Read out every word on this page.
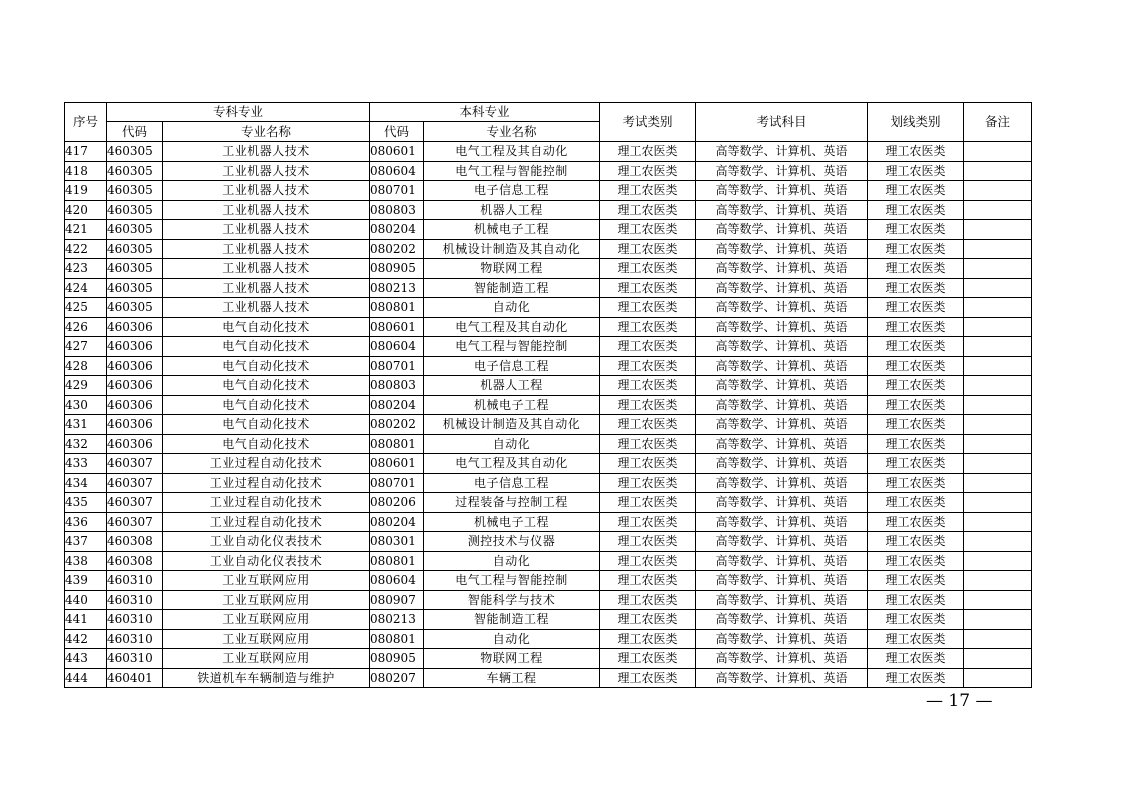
序号	专科专业		本科专业		考试类别	考试科目	划线类别	备注
	代码	专业名称	代码	专业名称				
417	460305	工业机器人技术	080601	电气工程及其自动化	理工农医类	高等数学、计算机、英语	理工农医类	
418	460305	工业机器人技术	080604	电气工程与智能控制	理工农医类	高等数学、计算机、英语	理工农医类	
419	460305	工业机器人技术	080701	电子信息工程	理工农医类	高等数学、计算机、英语	理工农医类	
420	460305	工业机器人技术	080803	机器人工程	理工农医类	高等数学、计算机、英语	理工农医类	
421	460305	工业机器人技术	080204	机械电子工程	理工农医类	高等数学、计算机、英语	理工农医类	
422	460305	工业机器人技术	080202	机械设计制造及其自动化	理工农医类	高等数学、计算机、英语	理工农医类	
423	460305	工业机器人技术	080905	物联网工程	理工农医类	高等数学、计算机、英语	理工农医类	
424	460305	工业机器人技术	080213	智能制造工程	理工农医类	高等数学、计算机、英语	理工农医类	
425	460305	工业机器人技术	080801	自动化	理工农医类	高等数学、计算机、英语	理工农医类	
426	460306	电气自动化技术	080601	电气工程及其自动化	理工农医类	高等数学、计算机、英语	理工农医类	
427	460306	电气自动化技术	080604	电气工程与智能控制	理工农医类	高等数学、计算机、英语	理工农医类	
428	460306	电气自动化技术	080701	电子信息工程	理工农医类	高等数学、计算机、英语	理工农医类	
429	460306	电气自动化技术	080803	机器人工程	理工农医类	高等数学、计算机、英语	理工农医类	
430	460306	电气自动化技术	080204	机械电子工程	理工农医类	高等数学、计算机、英语	理工农医类	
431	460306	电气自动化技术	080202	机械设计制造及其自动化	理工农医类	高等数学、计算机、英语	理工农医类	
432	460306	电气自动化技术	080801	自动化	理工农医类	高等数学、计算机、英语	理工农医类	
433	460307	工业过程自动化技术	080601	电气工程及其自动化	理工农医类	高等数学、计算机、英语	理工农医类	
434	460307	工业过程自动化技术	080701	电子信息工程	理工农医类	高等数学、计算机、英语	理工农医类	
435	460307	工业过程自动化技术	080206	过程装备与控制工程	理工农医类	高等数学、计算机、英语	理工农医类	
436	460307	工业过程自动化技术	080204	机械电子工程	理工农医类	高等数学、计算机、英语	理工农医类	
437	460308	工业自动化仪表技术	080301	测控技术与仪器	理工农医类	高等数学、计算机、英语	理工农医类	
438	460308	工业自动化仪表技术	080801	自动化	理工农医类	高等数学、计算机、英语	理工农医类	
439	460310	工业互联网应用	080604	电气工程与智能控制	理工农医类	高等数学、计算机、英语	理工农医类	
440	460310	工业互联网应用	080907	智能科学与技术	理工农医类	高等数学、计算机、英语	理工农医类	
441	460310	工业互联网应用	080213	智能制造工程	理工农医类	高等数学、计算机、英语	理工农医类	
442	460310	工业互联网应用	080801	自动化	理工农医类	高等数学、计算机、英语	理工农医类	
443	460310	工业互联网应用	080905	物联网工程	理工农医类	高等数学、计算机、英语	理工农医类	
444	460401	铁道机车车辆制造与维护	080207	车辆工程	理工农医类	高等数学、计算机、英语	理工农医类	
— 17 —
